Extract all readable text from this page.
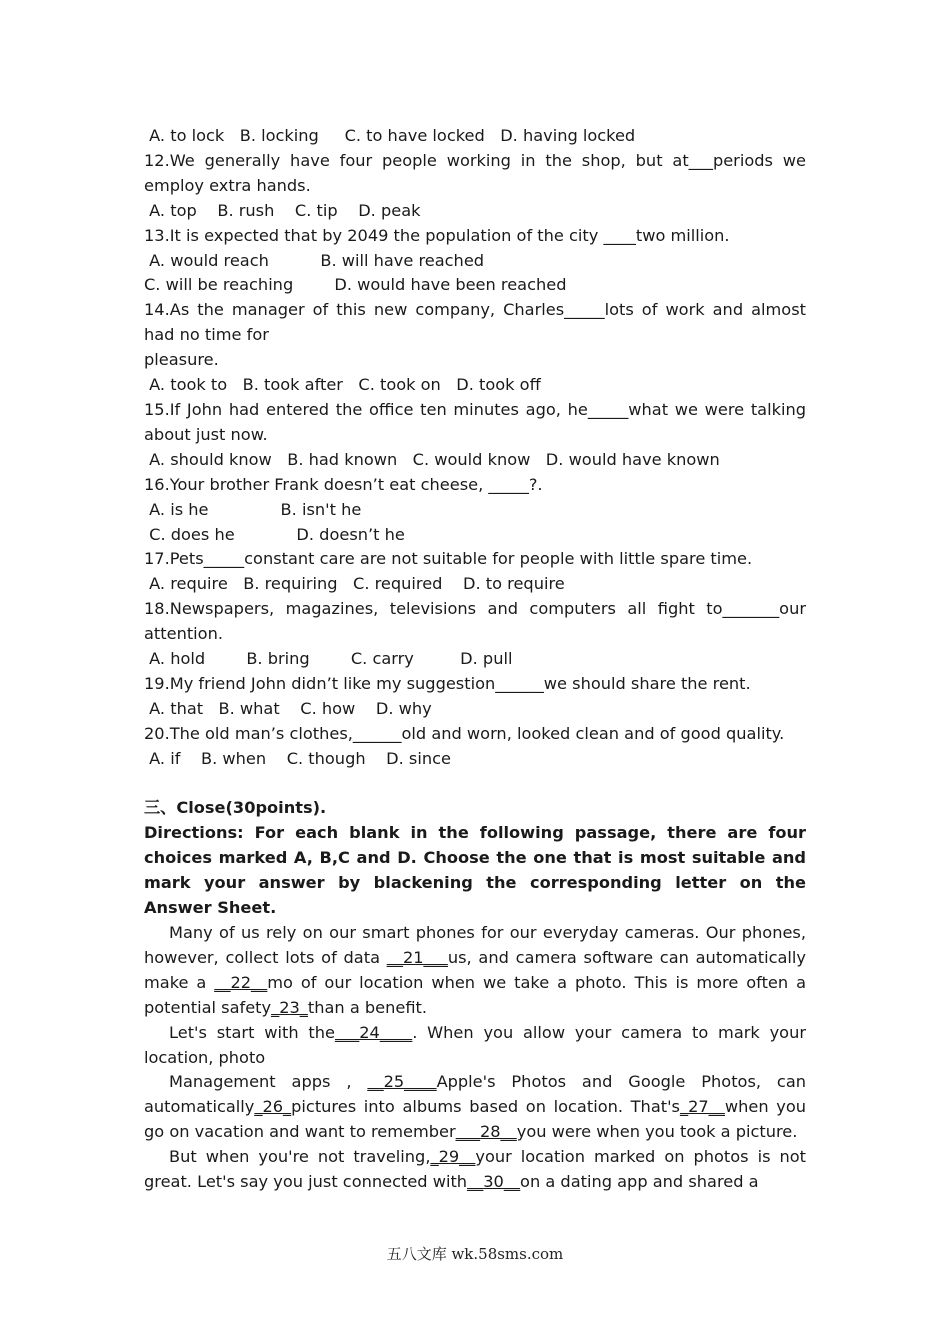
A. to lock   B. locking     C. to have locked   D. having locked
12.We generally have four people working in the shop, but at___periods we
employ extra hands.
A. top    B. rush    C. tip    D. peak
13.It is expected that by 2049 the population of the city ____two million.
A. would reach          B. will have reached
C. will be reaching        D. would have been reached
14.As the manager of this new company, Charles_____lots of work and almost
had no time for
pleasure.
A. took to   B. took after   C. took on   D. took off
15.If John had entered the office ten minutes ago, he_____what we were talking
about just now.
A. should know   B. had known   C. would know   D. would have known
16.Your brother Frank doesn’t eat cheese, _____?.
A. is he              B. isn't he
C. does he            D. doesn’t he
17.Pets_____constant care are not suitable for people with little spare time.
A. require   B. requiring   C. required    D. to require
18.Newspapers, magazines, televisions and computers all fight to_______our
attention.
A. hold        B. bring        C. carry         D. pull
19.My friend John didn’t like my suggestion______we should share the rent.
A. that   B. what    C. how    D. why
20.The old man’s clothes,______old and worn, looked clean and of good quality.
A. if    B. when    C. though    D. since
三、Close(30points).
Directions: For each blank in the following passage, there are four choices marked A, B,C and D. Choose the one that is most suitable and mark your answer by blackening the corresponding letter on the Answer Sheet.
Many of us rely on our smart phones for our everyday cameras. Our phones, however, collect lots of data __21___us, and camera software can automatically make a __22__mo of our location when we take a photo. This is more often a potential safety_23_than a benefit.
Let's start with the___24____. When you allow your camera to mark your location, photo
Management apps , __25____Apple's Photos and Google Photos, can automatically_26_pictures into albums based on location. That's_27__when you go on vacation and want to remember___28__you were when you took a picture.
But when you're not traveling,_29__your location marked on photos is not great. Let's say you just connected with__30__on a dating app and shared a
五八文库 wk.58sms.com
